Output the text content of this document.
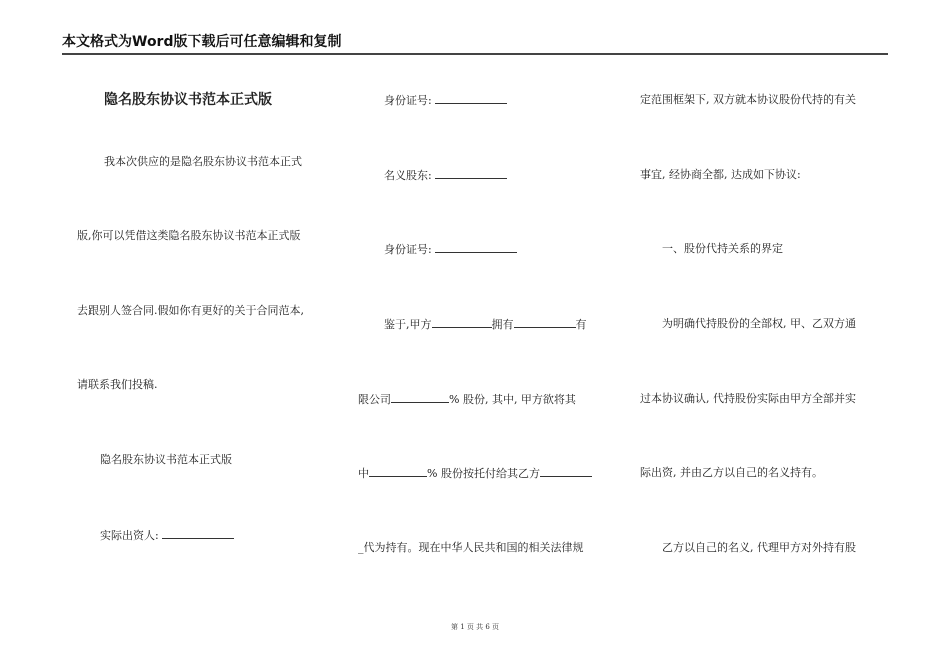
本文格式为Word版下载后可任意编辑和复制
隐名股东协议书范本正式版
我本次供应的是隐名股东协议书范本正式
版,你可以凭借这类隐名股东协议书范本正式版
去跟别人签合同.假如你有更好的关于合同范本,
请联系我们投稿.
隐名股东协议书范本正式版
实际出资人:
身份证号:
名义股东:
身份证号:
鉴于,甲方	拥有	有
限公司	% 股份, 其中, 甲方欲将其
中	% 股份按托付给其乙方
_代为持有。现在中华人民共和国的相关法律规
定范围框架下, 双方就本协议股份代持的有关
事宜, 经协商全都, 达成如下协议:
一、股份代持关系的界定
为明确代持股份的全部权, 甲、乙双方通
过本协议确认, 代持股份实际由甲方全部并实
际出资, 并由乙方以自己的名义持有。
乙方以自己的名义, 代理甲方对外持有股
第 1 页 共 6 页
